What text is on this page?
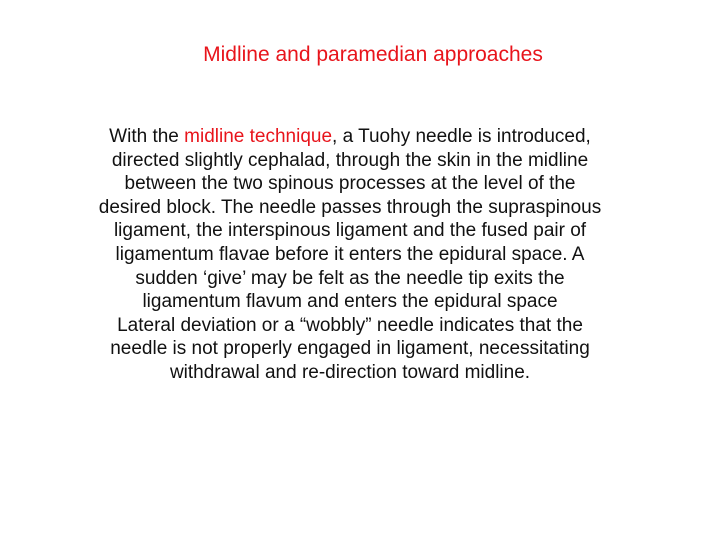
Midline and paramedian approaches
With the midline technique, a Tuohy needle is introduced,
directed slightly cephalad, through the skin in the midline
between the two spinous processes at the level of the
desired block. The needle passes through the supraspinous
ligament, the interspinous ligament and the fused pair of
ligamentum flavae before it enters the epidural space. A
sudden ‘give’ may be felt as the needle tip exits the
ligamentum flavum and enters the epidural space
Lateral deviation or a “wobbly” needle indicates that the
needle is not properly engaged in ligament, necessitating
withdrawal and re-direction toward midline.
